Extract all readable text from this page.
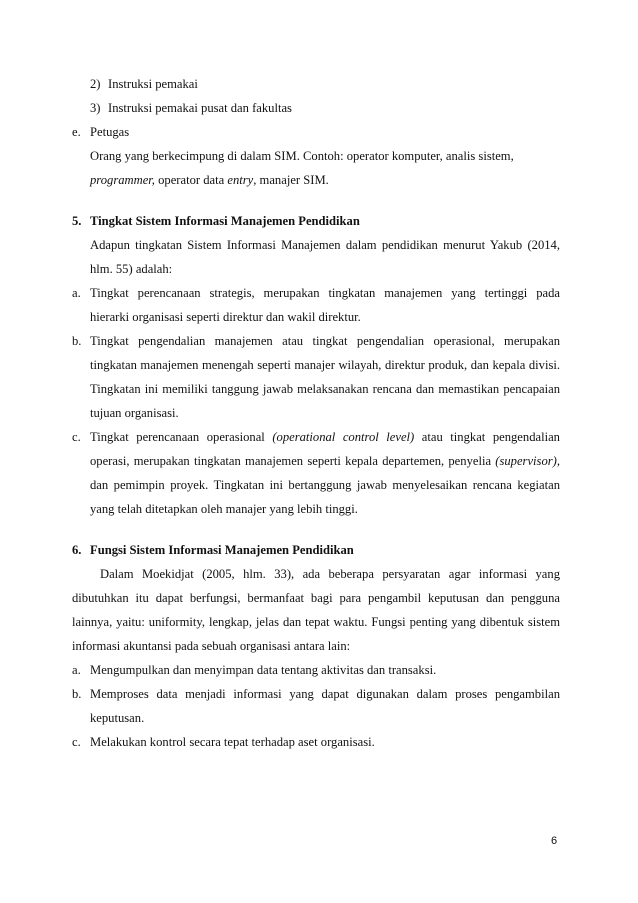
2) Instruksi pemakai
3) Instruksi pemakai pusat dan fakultas
e. Petugas
Orang yang berkecimpung di dalam SIM. Contoh: operator komputer, analis sistem,
programmer, operator data entry, manajer SIM.
5. Tingkat Sistem Informasi Manajemen Pendidikan
Adapun tingkatan Sistem Informasi Manajemen dalam pendidikan menurut Yakub (2014,
hlm. 55) adalah:
a. Tingkat perencanaan strategis, merupakan tingkatan manajemen yang tertinggi pada
hierarki organisasi seperti direktur dan wakil direktur.
b. Tingkat pengendalian manajemen atau tingkat pengendalian operasional, merupakan
tingkatan manajemen menengah seperti manajer wilayah, direktur produk, dan kepala divisi.
Tingkatan ini memiliki tanggung jawab melaksanakan rencana dan memastikan pencapaian
tujuan organisasi.
c. Tingkat perencanaan operasional (operational control level) atau tingkat pengendalian
operasi, merupakan tingkatan manajemen seperti kepala departemen, penyelia (supervisor),
dan pemimpin proyek. Tingkatan ini bertanggung jawab menyelesaikan rencana kegiatan
yang telah ditetapkan oleh manajer yang lebih tinggi.
6. Fungsi Sistem Informasi Manajemen Pendidikan
Dalam Moekidjat (2005, hlm. 33), ada beberapa persyaratan agar informasi yang
dibutuhkan itu dapat berfungsi, bermanfaat bagi para pengambil keputusan dan pengguna
lainnya, yaitu: uniformity, lengkap, jelas dan tepat waktu. Fungsi penting yang dibentuk sistem
informasi akuntansi pada sebuah organisasi antara lain:
a. Mengumpulkan dan menyimpan data tentang aktivitas dan transaksi.
b. Memproses data menjadi informasi yang dapat digunakan dalam proses pengambilan
keputusan.
c. Melakukan kontrol secara tepat terhadap aset organisasi.
6
